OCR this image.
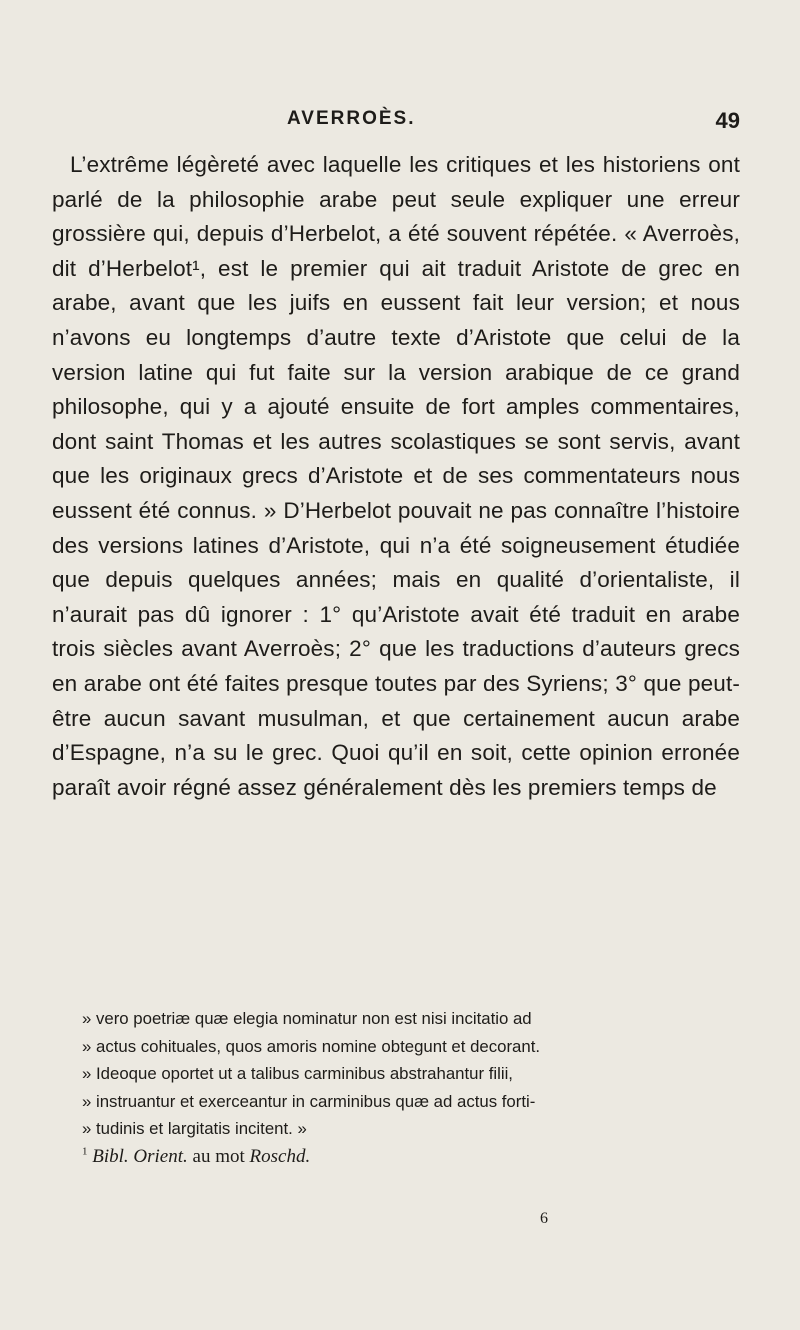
AVERROÈS.	49

L’extrême légèreté avec laquelle les critiques et les historiens ont parlé de la philosophie arabe peut seule expliquer une erreur grossière qui, depuis d’Herbelot, a été souvent répétée. « Averroès, dit d’Herbelot¹, est le premier qui ait traduit Aristote de grec en arabe, avant que les juifs en eussent fait leur version; et nous n’avons eu longtemps d’autre texte d’Aristote que celui de la version latine qui fut faite sur la version arabique de ce grand philosophe, qui y a ajouté ensuite de fort amples commentaires, dont saint Thomas et les autres scolastiques se sont servis, avant que les originaux grecs d’Aristote et de ses commentateurs nous eussent été connus. » D’Herbelot pouvait ne pas connaître l’histoire des versions latines d’Aristote, qui n’a été soigneusement étudiée que depuis quelques années; mais en qualité d’orientaliste, il n’aurait pas dû ignorer : 1° qu’Aristote avait été traduit en arabe trois siècles avant Averroès; 2° que les traductions d’auteurs grecs en arabe ont été faites presque toutes par des Syriens; 3° que peut-être aucun savant musulman, et que certainement aucun arabe d’Espagne, n’a su le grec. Quoi qu’il en soit, cette opinion erronée paraît avoir régné assez généralement dès les premiers temps de

» vero poetriæ quæ elegia nominatur non est nisi incitatio ad
» actus cohituales, quos amoris nomine obtegunt et decorant.
» Ideoque oportet ut a talibus carminibus abstrahantur filii,
» instruantur et exerceantur in carminibus quæ ad actus forti-
» tudinis et largitatis incitent. »
$^1$ Bibl. Orient. au mot Roschd.
6
